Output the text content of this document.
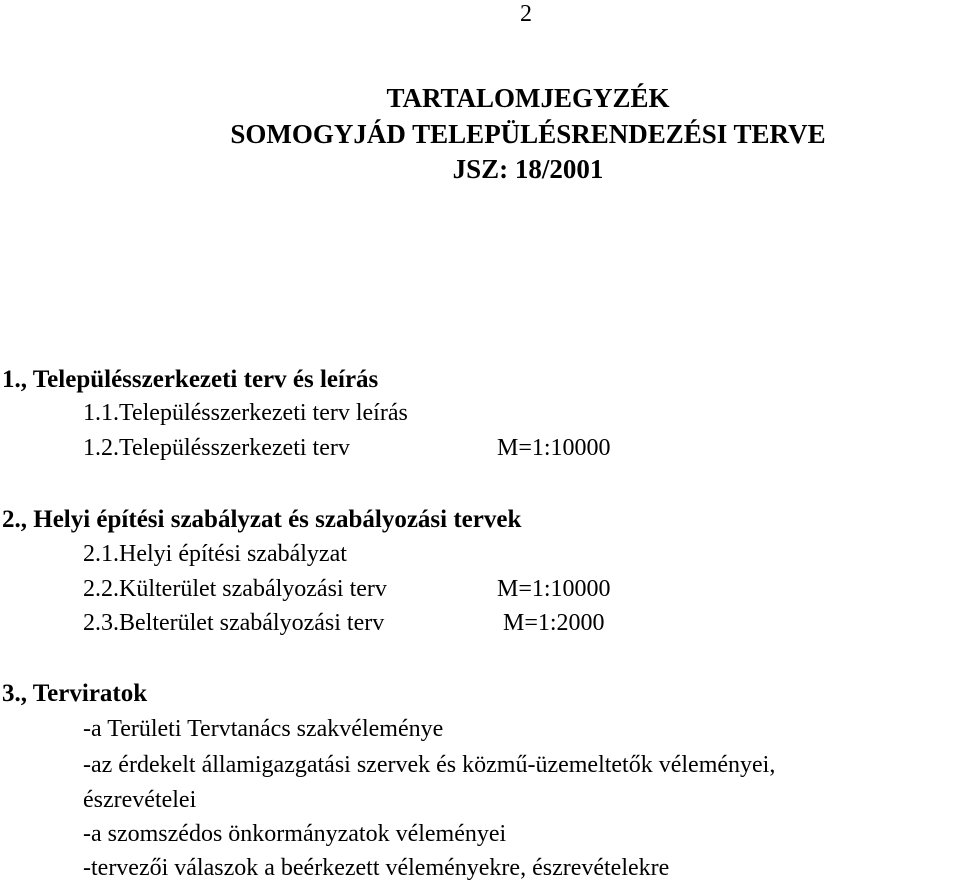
2
TARTALOMJEGYZÉK
SOMOGYJÁD TELEPÜLÉSRENDEZÉSI TERVE
JSZ: 18/2001
1., Településszerkezeti terv és leírás
1.1.Településszerkezeti terv leírás
1.2.Településszerkezeti terv	M=1:10000
2., Helyi építési szabályzat és szabályozási tervek
2.1.Helyi építési szabályzat
2.2.Külterület szabályozási terv	M=1:10000
2.3.Belterület szabályozási terv	M=1:2000
3., Terviratok
-a Területi Tervtanács szakvéleménye
-az érdekelt államigazgatási szervek és közmű-üzemeltetők véleményei,
észrevételei
-a szomszédos önkormányzatok véleményei
-tervezői válaszok a beérkezett véleményekre, észrevételekre
